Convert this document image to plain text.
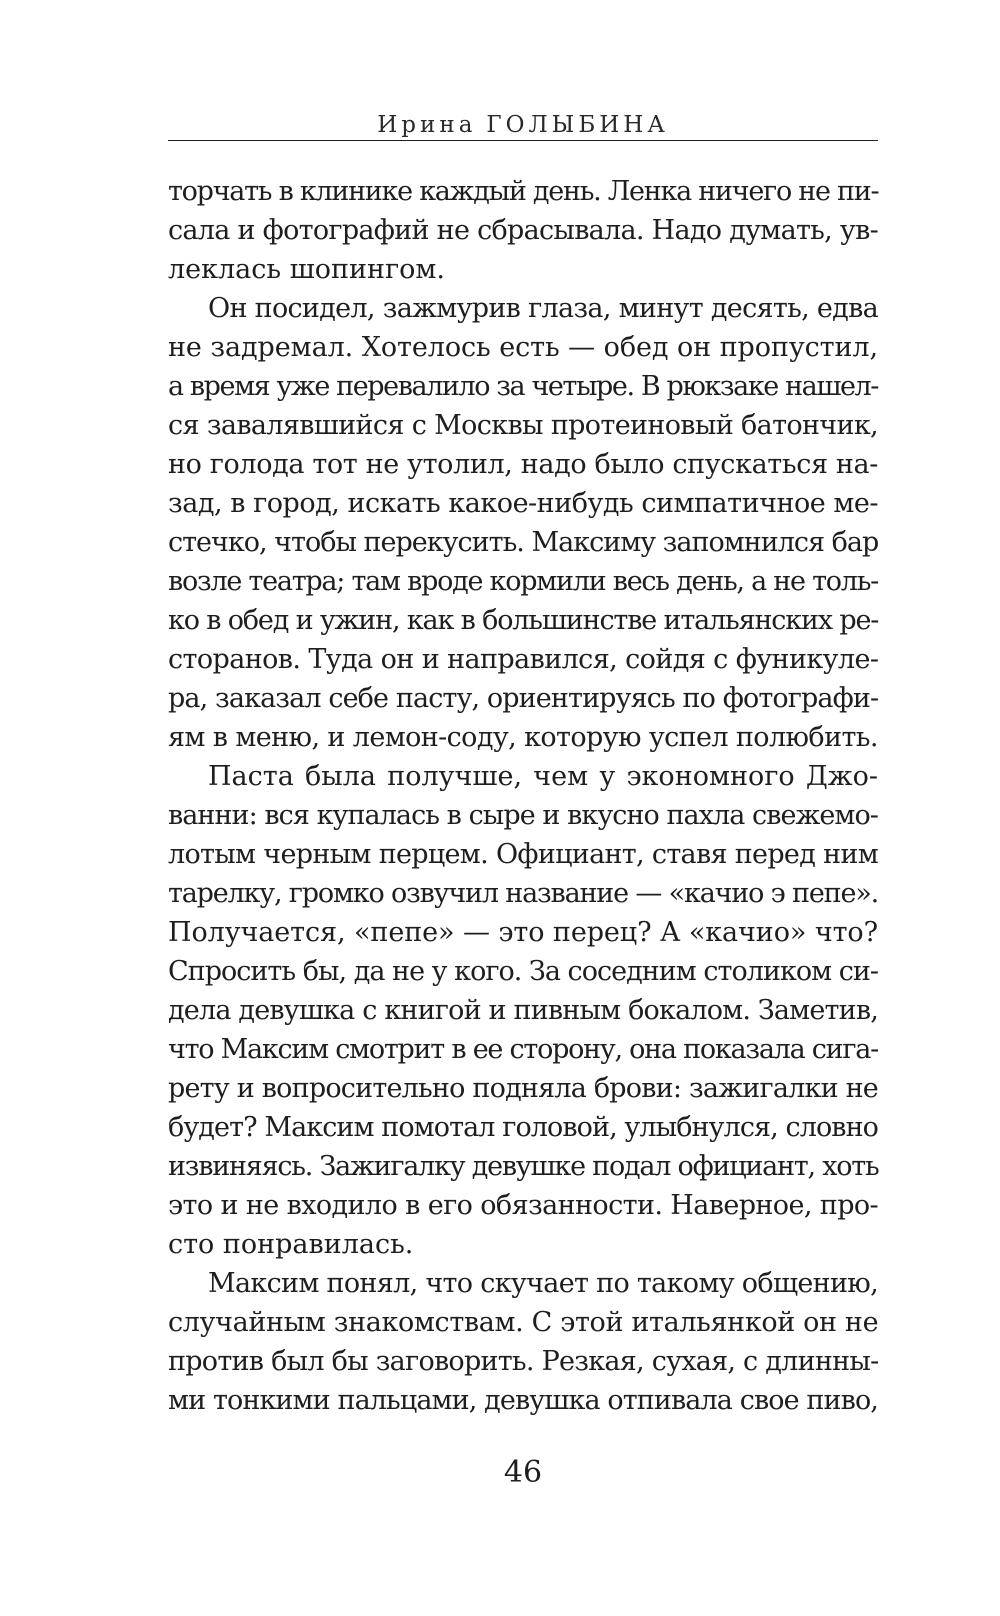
Ирина ГОЛЫБИНА
торчать в клинике каждый день. Ленка ничего не пи-
сала и фотографий не сбрасывала. Надо думать, ув-
леклась шопингом.
Он посидел, зажмурив глаза, минут десять, едва
не задремал. Хотелось есть — обед он пропустил,
а время уже перевалило за четыре. В рюкзаке нашел-
ся завалявшийся с Москвы протеиновый батончик,
но голода тот не утолил, надо было спускаться на-
зад, в город, искать какое-нибудь симпатичное ме-
стечко, чтобы перекусить. Максиму запомнился бар
возле театра; там вроде кормили весь день, а не толь-
ко в обед и ужин, как в большинстве итальянских ре-
сторанов. Туда он и направился, сойдя с фуникуле-
ра, заказал себе пасту, ориентируясь по фотографи-
ям в меню, и лемон-соду, которую успел полюбить.
Паста была получше, чем у экономного Джо-
ванни: вся купалась в сыре и вкусно пахла свежемо-
лотым черным перцем. Официант, ставя перед ним
тарелку, громко озвучил название — «качио э пепе».
Получается, «пепе» — это перец? А «качио» что?
Спросить бы, да не у кого. За соседним столиком си-
дела девушка с книгой и пивным бокалом. Заметив,
что Максим смотрит в ее сторону, она показала сига-
рету и вопросительно подняла брови: зажигалки не
будет? Максим помотал головой, улыбнулся, словно
извиняясь. Зажигалку девушке подал официант, хоть
это и не входило в его обязанности. Наверное, про-
сто понравилась.
Максим понял, что скучает по такому общению,
случайным знакомствам. С этой итальянкой он не
против был бы заговорить. Резкая, сухая, с длинны-
ми тонкими пальцами, девушка отпивала свое пиво,
46
